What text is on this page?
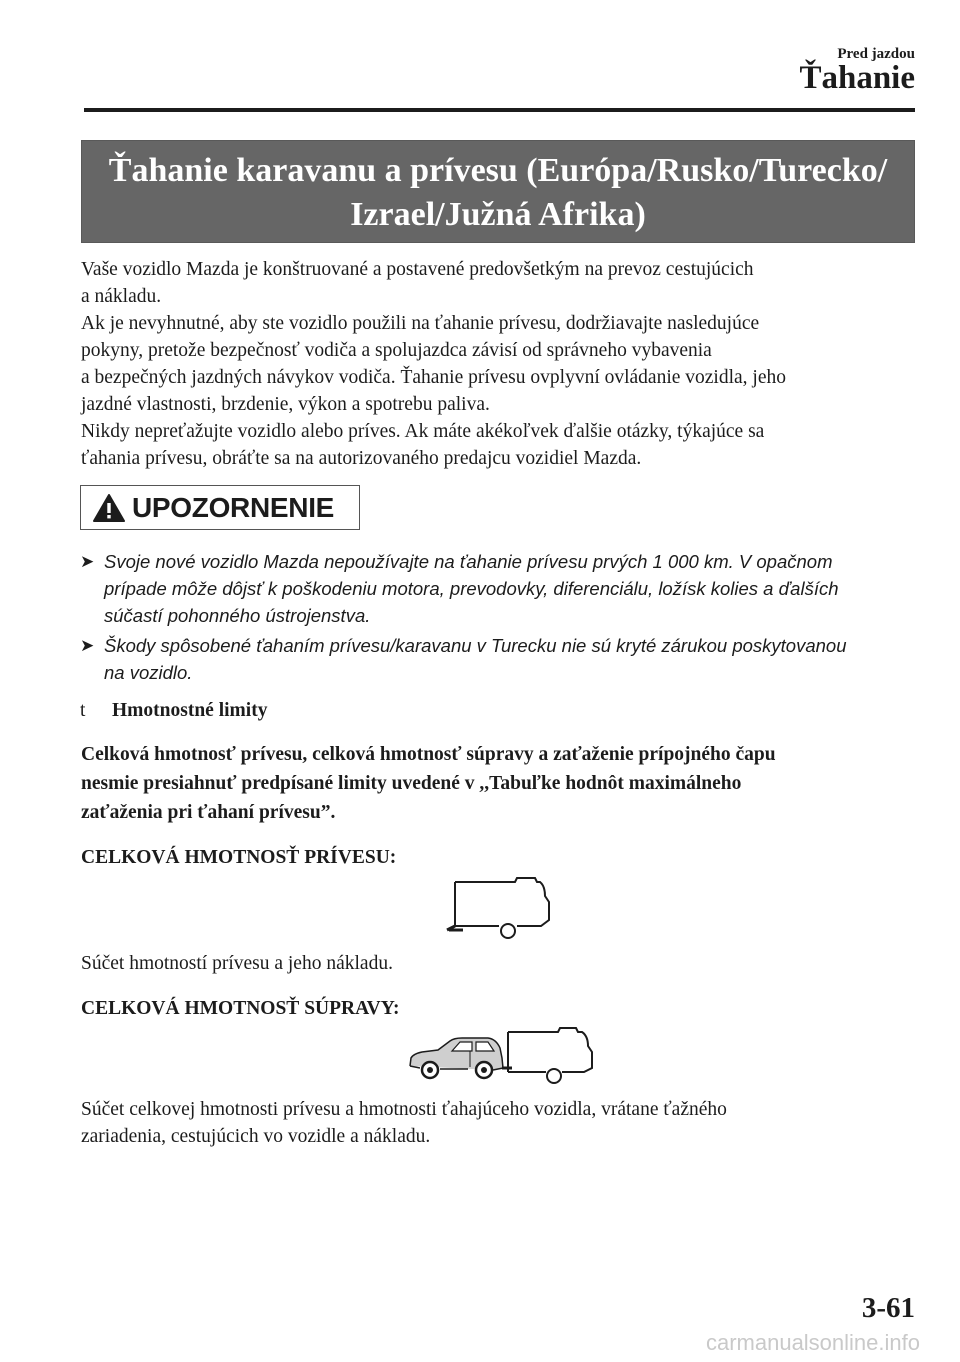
Pred jazdou
Ťahanie
Ťahanie karavanu a prívesu (Európa/Rusko/Turecko/
Izrael/Južná Afrika)

Vaše vozidlo Mazda je konštruované a postavené predovšetkým na prevoz cestujúcich

a nákladu.

Ak je nevyhnutné, aby ste vozidlo použili na ťahanie prívesu, dodržiavajte nasledujúce

pokyny, pretože bezpečnosť vodiča a spolujazdca závisí od správneho vybavenia

a bezpečných jazdných návykov vodiča. Ťahanie prívesu ovplyvní ovládanie vozidla, jeho

jazdné vlastnosti, brzdenie, výkon a spotrebu paliva.

Nikdy nepreťažujte vozidlo alebo príves. Ak máte akékoľvek ďalšie otázky, týkajúce sa

ťahania prívesu, obráťte sa na autorizovaného predajcu vozidiel Mazda.

UPOZORNENIE
➤ Svoje nové vozidlo Mazda nepoužívajte na ťahanie prívesu prvých 1 000 km. V opačnom
prípade môže dôjsť k poškodeniu motora, prevodovky, diferenciálu, ložísk kolies a ďalších
súčastí pohonného ústrojenstva.
➤ Škody spôsobené ťahaním prívesu/karavanu v Turecku nie sú kryté zárukou poskytovanou
na vozidlo.
t Hmotnostné limity
Celková hmotnosť prívesu, celková hmotnosť súpravy a zaťaženie prípojného čapu
nesmie presiahnuť predpísané limity uvedené v ,,Tabuľke hodnôt maximálneho
zaťaženia pri ťahaní prívesu”.
CELKOVÁ HMOTNOSŤ PRÍVESU:
Súčet hmotností prívesu a jeho nákladu.
CELKOVÁ HMOTNOSŤ SÚPRAVY:
Súčet celkovej hmotnosti prívesu a hmotnosti ťahajúceho vozidla, vrátane ťažného
zariadenia, cestujúcich vo vozidle a nákladu.
3-61
carmanualsonline.info
